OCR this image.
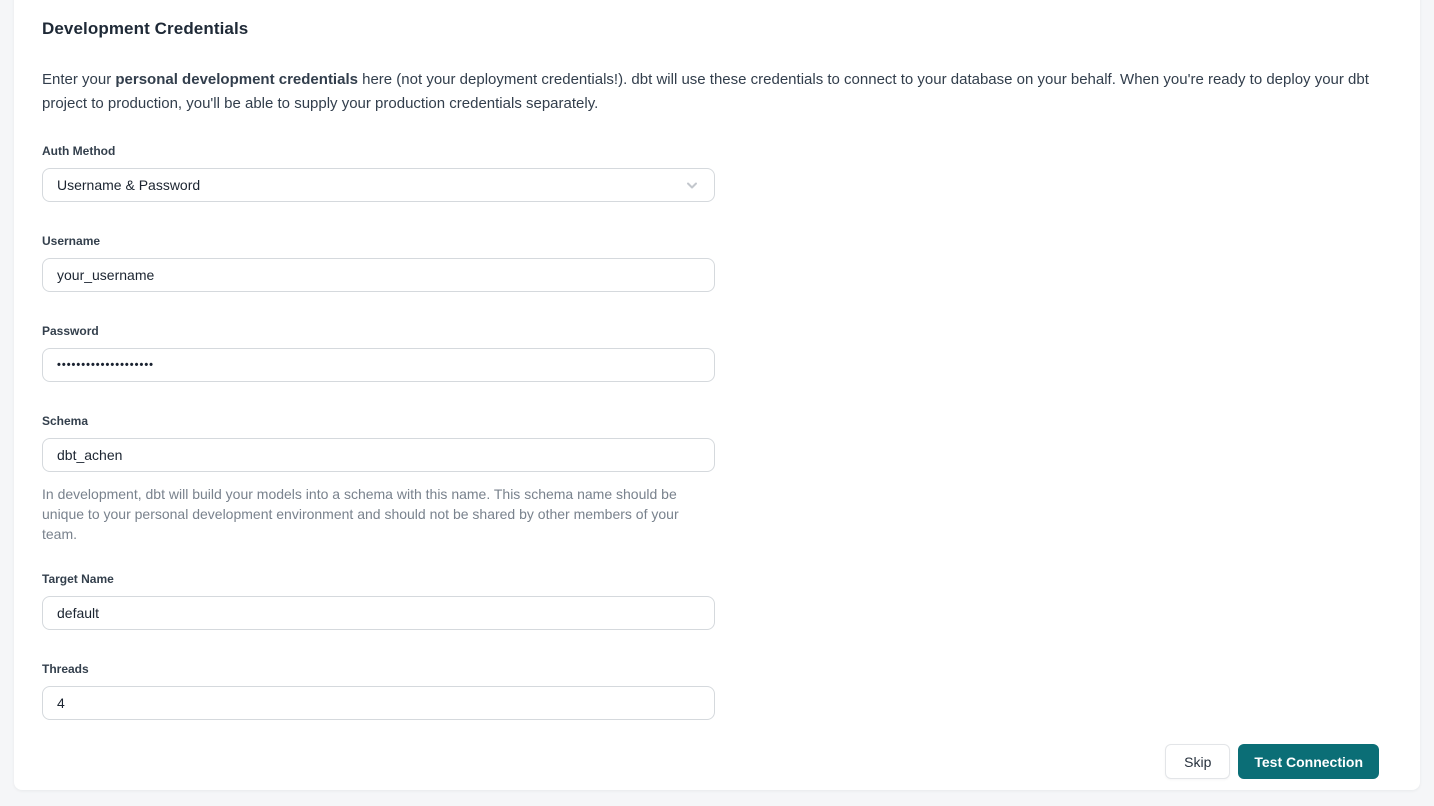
Development Credentials

Enter your personal development credentials here (not your deployment credentials!). dbt will use these credentials to connect to your database on your behalf. When you're ready to deploy your dbt project to production, you'll be able to supply your production credentials separately.

Auth Method
Username & Password
Username
your_username
Password
••••••••••••••••••••
Schema
dbt_achen

In development, dbt will build your models into a schema with this name. This schema name should be unique to your personal development environment and should not be shared by other members of your team.

Target Name
default
Threads
4
Skip	Test Connection
